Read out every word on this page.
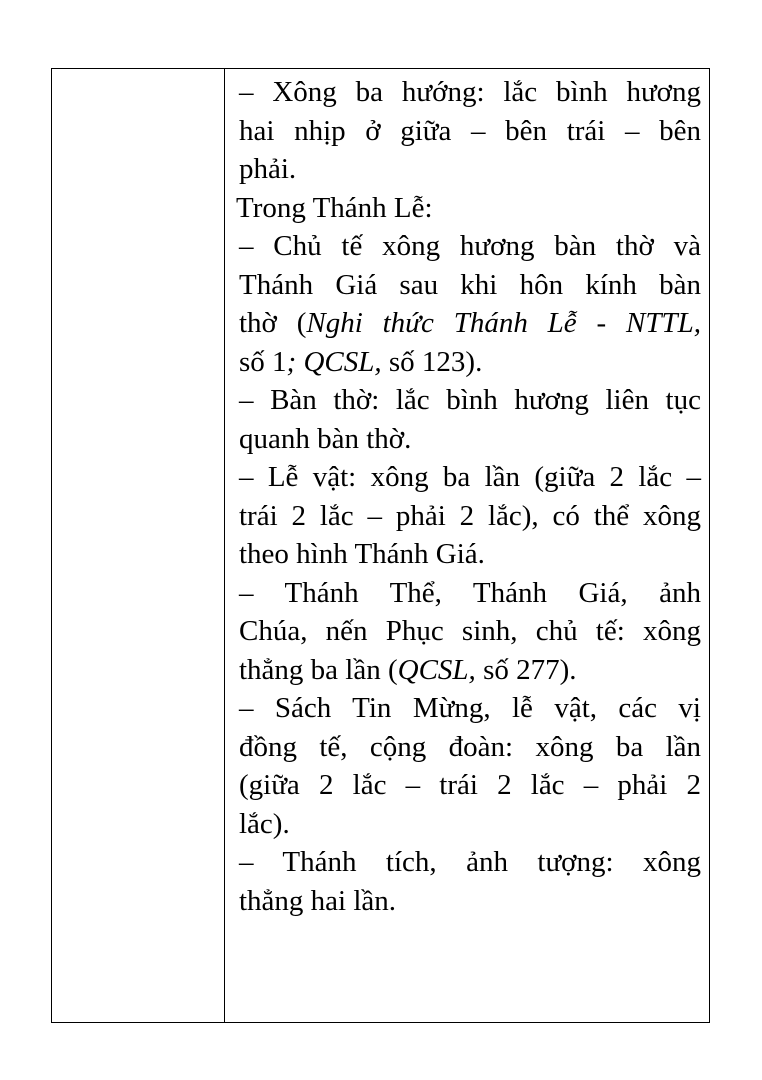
– Xông ba hướng: lắc bình hương
hai nhịp ở giữa – bên trái – bên
phải.
Trong Thánh Lễ:
– Chủ tế xông hương bàn thờ và
Thánh Giá sau khi hôn kính bàn
thờ (Nghi thức Thánh Lễ - NTTL,
số 1; QCSL, số 123).
– Bàn thờ: lắc bình hương liên tục
quanh bàn thờ.
– Lễ vật: xông ba lần (giữa 2 lắc –
trái 2 lắc – phải 2 lắc), có thể xông
theo hình Thánh Giá.
– Thánh Thể, Thánh Giá, ảnh
Chúa, nến Phục sinh, chủ tế: xông
thẳng ba lần (QCSL, số 277).
– Sách Tin Mừng, lễ vật, các vị
đồng tế, cộng đoàn: xông ba lần
(giữa 2 lắc – trái 2 lắc – phải 2
lắc).
– Thánh tích, ảnh tượng: xông
thẳng hai lần.
